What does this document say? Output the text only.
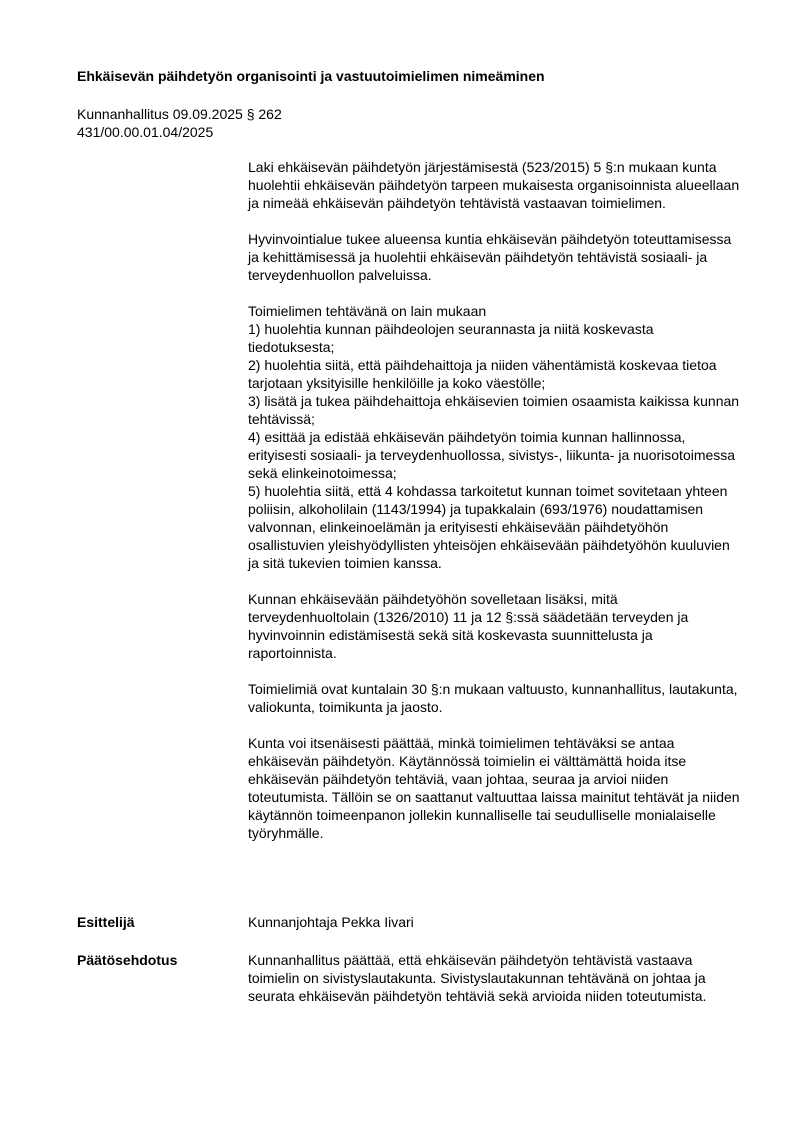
Ehkäisevän päihdetyön organisointi ja vastuutoimielimen nimeäminen
Kunnanhallitus 09.09.2025 § 262
431/00.00.01.04/2025

Laki ehkäisevän päihdetyön järjestämisestä (523/2015) 5 §:n mukaan kunta huolehtii ehkäisevän päihdetyön tarpeen mukaisesta organisoinnista alueellaan ja nimeää ehkäisevän päihdetyön tehtävistä vastaavan toimielimen.

Hyvinvointialue tukee alueensa kuntia ehkäisevän päihdetyön toteuttamisessa ja kehittämisessä ja huolehtii ehkäisevän päihdetyön tehtävistä sosiaali- ja terveydenhuollon palveluissa.

Toimielimen tehtävänä on lain mukaan

1) huolehtia kunnan päihdeolojen seurannasta ja niitä koskevasta tiedotuksesta;

2) huolehtia siitä, että päihdehaittoja ja niiden vähentämistä koskevaa tietoa tarjotaan yksityisille henkilöille ja koko väestölle;

3) lisätä ja tukea päihdehaittoja ehkäisevien toimien osaamista kaikissa kunnan tehtävissä;

4) esittää ja edistää ehkäisevän päihdetyön toimia kunnan hallinnossa, erityisesti sosiaali- ja terveydenhuollossa, sivistys-, liikunta- ja nuorisotoimessa sekä elinkeinotoimessa;

5) huolehtia siitä, että 4 kohdassa tarkoitetut kunnan toimet sovitetaan yhteen poliisin, alkoholilain (1143/1994) ja tupakkalain (693/1976) noudattamisen valvonnan, elinkeinoelämän ja erityisesti ehkäisevään päihdetyöhön osallistuvien yleishyödyllisten yhteisöjen ehkäisevään päihdetyöhön kuuluvien ja sitä tukevien toimien kanssa.

Kunnan ehkäisevään päihdetyöhön sovelletaan lisäksi, mitä terveydenhuoltolain (1326/2010) 11 ja 12 §:ssä säädetään terveyden ja hyvinvoinnin edistämisestä sekä sitä koskevasta suunnittelusta ja raportoinnista.

Toimielimiä ovat kuntalain 30 §:n mukaan valtuusto, kunnanhallitus, lautakunta, valiokunta, toimikunta ja jaosto.

Kunta voi itsenäisesti päättää, minkä toimielimen tehtäväksi se antaa ehkäisevän päihdetyön. Käytännössä toimielin ei välttämättä hoida itse ehkäisevän päihdetyön tehtäviä, vaan johtaa, seuraa ja arvioi niiden toteutumista. Tällöin se on saattanut valtuuttaa laissa mainitut tehtävät ja niiden käytännön toimeenpanon jollekin kunnalliselle tai seudulliselle monialaiselle työryhmälle.

Esittelijä	Kunnanjohtaja Pekka Iivari
Päätösehdotus	Kunnanhallitus päättää, että ehkäisevän päihdetyön tehtävistä vastaava toimielin on sivistyslautakunta. Sivistyslautakunnan tehtävänä on johtaa ja seurata ehkäisevän päihdetyön tehtäviä sekä arvioida niiden toteutumista.
